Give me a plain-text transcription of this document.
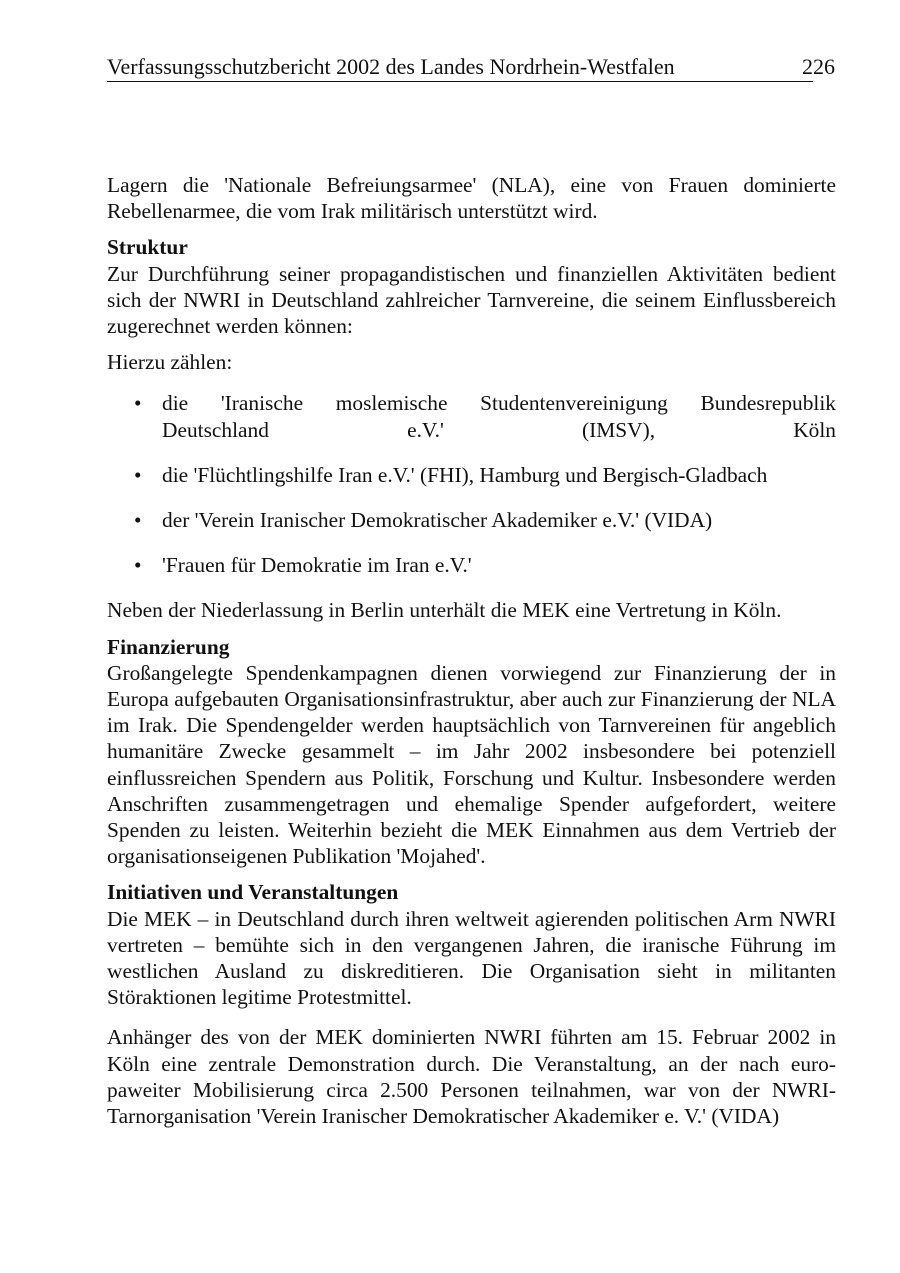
Verfassungsschutzbericht 2002 des Landes Nordrhein-Westfalen	226

Lagern die 'Nationale Befreiungsarmee' (NLA), eine von Frauen dominierte Rebellenarmee, die vom Irak militärisch unterstützt wird.

Struktur

Zur Durchführung seiner propagandistischen und finanziellen Aktivitäten bedient sich der NWRI in Deutschland zahlreicher Tarnvereine, die seinem Einflussbereich zugerechnet werden können:

Hierzu zählen:

• die 'Iranische moslemische Studentenvereinigung Bundesrepublik Deutschland e.V.' (IMSV), Köln
• die 'Flüchtlingshilfe Iran e.V.' (FHI), Hamburg und Bergisch-Gladbach
• der 'Verein Iranischer Demokratischer Akademiker e.V.' (VIDA)
• 'Frauen für Demokratie im Iran e.V.'

Neben der Niederlassung in Berlin unterhält die MEK eine Vertretung in Köln.

Finanzierung

Großangelegte Spendenkampagnen dienen vorwiegend zur Finanzierung der in Europa aufgebauten Organisationsinfrastruktur, aber auch zur Finanzierung der NLA im Irak. Die Spendengelder werden hauptsächlich von Tarnvereinen für angeblich humanitäre Zwecke gesammelt – im Jahr 2002 insbesondere bei potenziell einflussreichen Spendern aus Politik, Forschung und Kultur. Insbesondere werden Anschriften zusammengetragen und ehemalige Spender aufgefordert, weitere Spenden zu leisten. Weiterhin bezieht die MEK Einnahmen aus dem Vertrieb der organisationseigenen Publikation 'Mojahed'.

Initiativen und Veranstaltungen

Die MEK – in Deutschland durch ihren weltweit agierenden politischen Arm NWRI vertreten – bemühte sich in den vergangenen Jahren, die iranische Führung im westlichen Ausland zu diskreditieren. Die Organisation sieht in militanten Störaktionen legitime Protestmittel.

Anhänger des von der MEK dominierten NWRI führten am 15. Februar 2002 in Köln eine zentrale Demonstration durch. Die Veranstaltung, an der nach europaweiter Mobilisierung circa 2.500 Personen teilnahmen, war von der NWRI-Tarnorganisation 'Verein Iranischer Demokratischer Akademiker e. V.' (VIDA)
